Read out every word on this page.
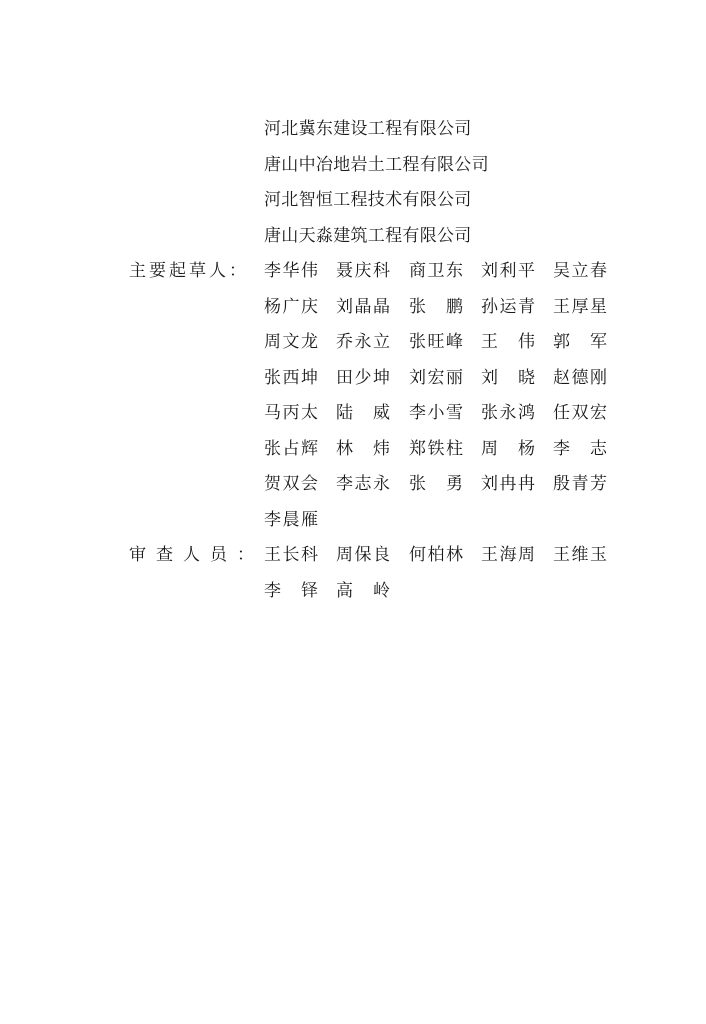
河北冀东建设工程有限公司
唐山中冶地岩土工程有限公司
河北智恒工程技术有限公司
唐山天淼建筑工程有限公司
主要起草人： 李华伟 聂庆科 商卫东 刘利平 吴立春
杨广庆 刘晶晶 张 鹏 孙运青 王厚星
周文龙 乔永立 张旺峰 王 伟 郭 军
张西坤 田少坤 刘宏丽 刘 晓 赵德刚
马丙太 陆 威 李小雪 张永鸿 任双宏
张占辉 林 炜 郑铁柱 周 杨 李 志
贺双会 李志永 张 勇 刘冉冉 殷青芳
李晨雁
审查人员： 王长科 周保良 何柏林 王海周 王维玉
李 铎 高 岭
